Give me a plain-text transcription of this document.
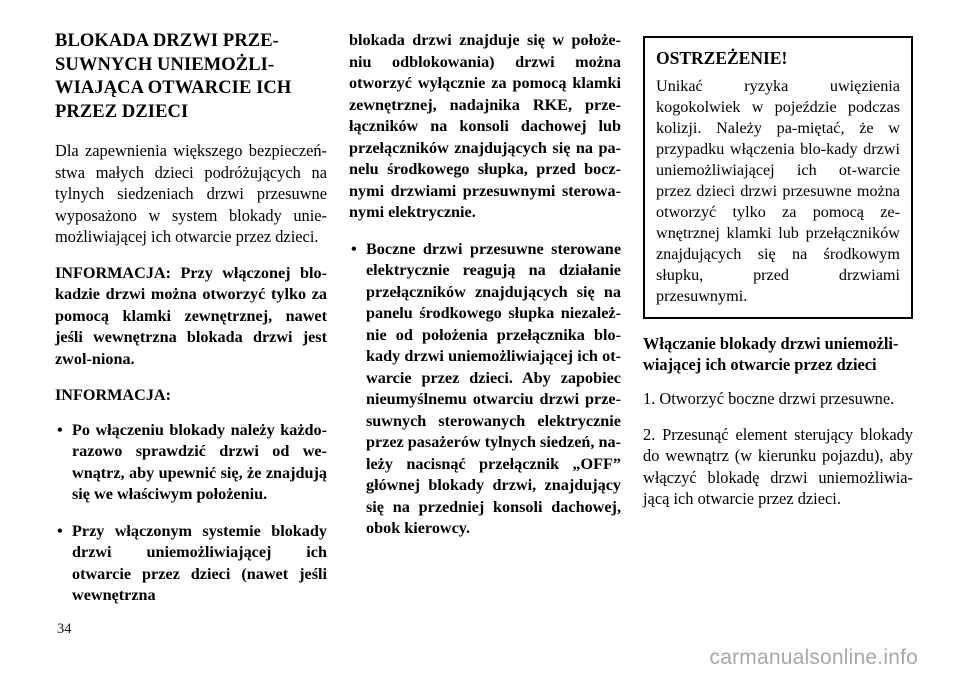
BLOKADA DRZWI PRZE-SUWNYCH UNIEMOŻLI-WIAJĄCA OTWARCIE ICH PRZEZ DZIECI

Dla zapewnienia większego bezpieczeń-stwa małych dzieci podróżujących na tylnych siedzeniach drzwi przesuwne wyposażono w system blokady unie-możliwiającej ich otwarcie przez dzieci.

INFORMACJA: Przy włączonej blo-kadzie drzwi można otworzyć tylko za pomocą klamki zewnętrznej, nawet jeśli wewnętrzna blokada drzwi jest zwol-niona.

INFORMACJA:

• Po włączeniu blokady należy każdo-razowo sprawdzić drzwi od we-wnątrz, aby upewnić się, że znajdują się we właściwym położeniu.
• Przy włączonym systemie blokady drzwi uniemożliwiającej ich otwarcie przez dzieci (nawet jeśli wewnętrzna

blokada drzwi znajduje się w położe-niu odblokowania) drzwi można otworzyć wyłącznie za pomocą klamki zewnętrznej, nadajnika RKE, prze-łączników na konsoli dachowej lub przełączników znajdujących się na pa-nelu środkowego słupka, przed bocz-nymi drzwiami przesuwnymi sterowa-nymi elektrycznie.

• Boczne drzwi przesuwne sterowane elektrycznie reagują na działanie przełączników znajdujących się na panelu środkowego słupka niezależ-nie od położenia przełącznika blo-kady drzwi uniemożliwiającej ich ot-warcie przez dzieci. Aby zapobiec nieumyślnemu otwarciu drzwi prze-suwnych sterowanych elektrycznie przez pasażerów tylnych siedzeń, na-leży nacisnąć przełącznik „OFF” głównej blokady drzwi, znajdujący się na przedniej konsoli dachowej, obok kierowcy.

OSTRZEŻENIE!

Unikać ryzyka uwięzienia kogokolwiek w pojeździe podczas kolizji. Należy pa-miętać, że w przypadku włączenia blo-kady drzwi uniemożliwiającej ich ot-warcie przez dzieci drzwi przesuwne można otworzyć tylko za pomocą ze-wnętrznej klamki lub przełączników znajdujących się na środkowym słupku, przed drzwiami przesuwnymi.

Włączanie blokady drzwi uniemożli-wiającej ich otwarcie przez dzieci
1. Otworzyć boczne drzwi przesuwne.
2. Przesunąć element sterujący blokady do wewnątrz (w kierunku pojazdu), aby włączyć blokadę drzwi uniemożliwia-jącą ich otwarcie przez dzieci.
34
carmanualsonline.info
